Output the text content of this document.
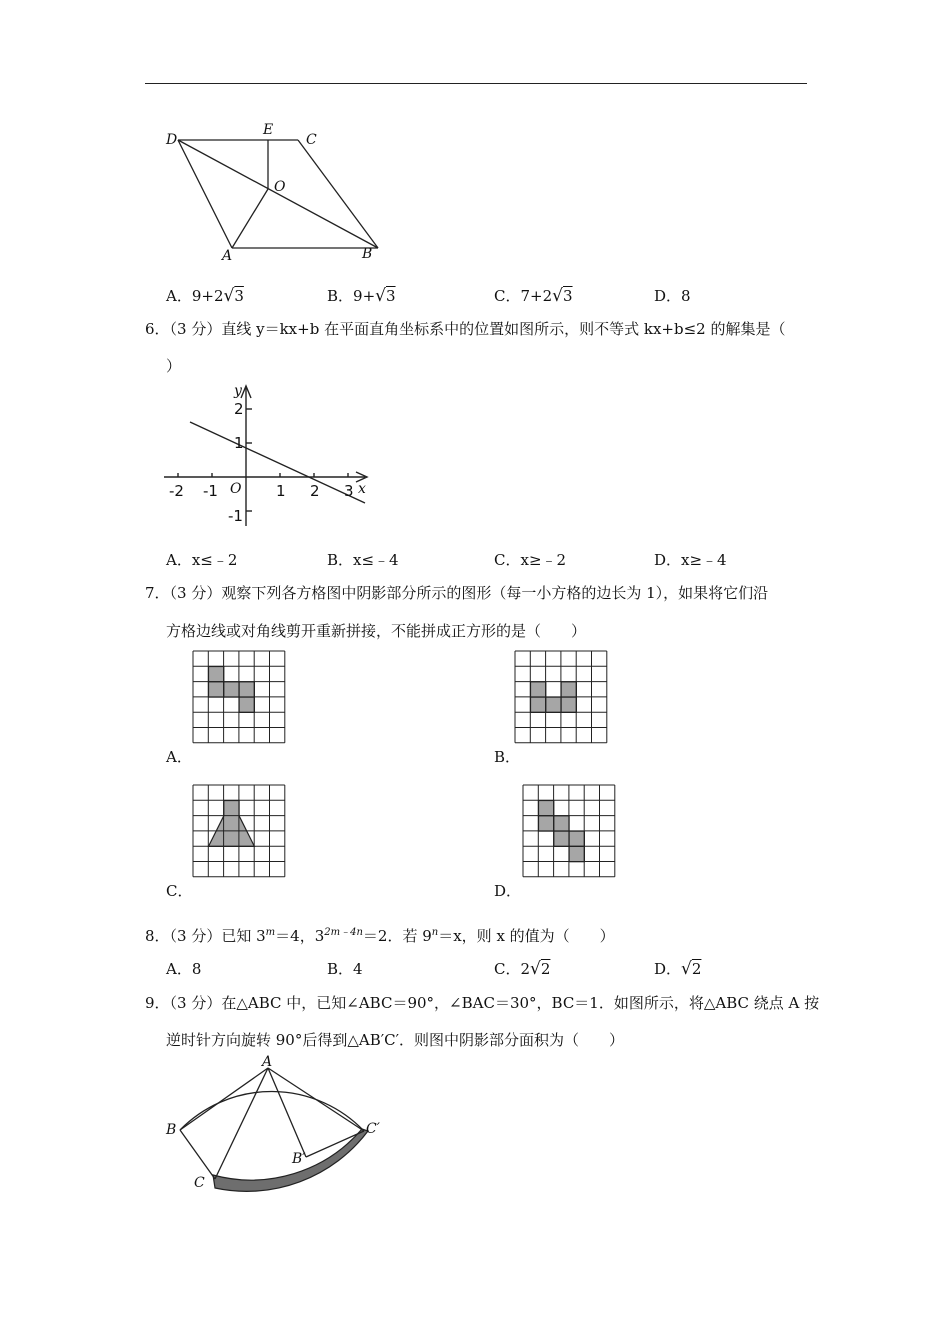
D
E
C
O
A	B
A．9+2√3	B．9+√3	C．7+2√3	D．8
6．（3 分）直线 y＝kx+b 在平面直角坐标系中的位置如图所示，则不等式 kx+b≤2 的解集是（
）
y
x
O
-2 -1	1 2 3
2
1
-1
A．x≤﹣2	B．x≤﹣4	C．x≥﹣2	D．x≥﹣4
7．（3 分）观察下列各方格图中阴影部分所示的图形（每一小方格的边长为 1），如果将它们沿
方格边线或对角线剪开重新拼接，不能拼成正方形的是（　　）
A．	B．
C．	D．
8．（3 分）已知 $3^m=4$，$3^{2m﹣4n}=2$．若 $9^n=x$，则 x 的值为（　　）
A．8	B．4	C．2√2	D．√2
9．（3 分）在△ABC 中，已知∠ABC＝90°，∠BAC＝30°，BC＝1．如图所示，将△ABC 绕点 A 按
逆时针方向旋转 90°后得到△AB′C′．则图中阴影部分面积为（　　）
A
B
C
B′
C′
